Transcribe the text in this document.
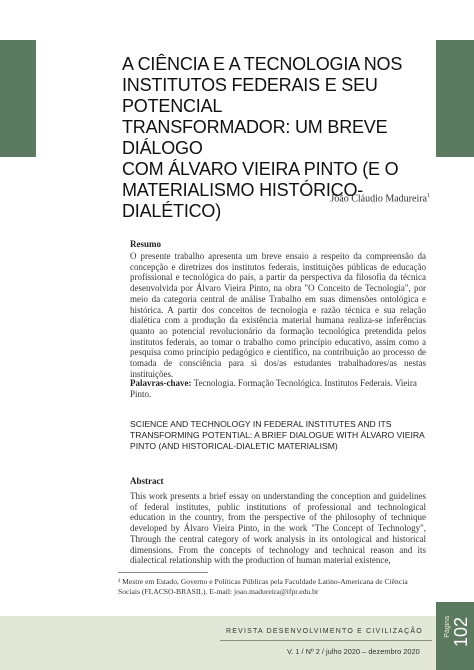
A CIÊNCIA E A TECNOLOGIA NOS
INSTITUTOS FEDERAIS E SEU POTENCIAL
TRANSFORMADOR: UM BREVE DIÁLOGO
COM ÁLVARO VIEIRA PINTO (E O
MATERIALISMO HISTÓRICO-DIALÉTICO)
João Cláudio Madureira$^1$
Resumo

O presente trabalho apresenta um breve ensaio a respeito da compreensão da concepção e diretrizes dos institutos federais, instituições públicas de educação profissional e tecnológica do país, a partir da perspectiva da filosofia da técnica desenvolvida por Álvaro Vieira Pinto, na obra "O Conceito de Tecnologia", por meio da categoria central de análise Trabalho em suas dimensões ontológica e histórica. A partir dos conceitos de tecnologia e razão técnica e sua relação dialética com a produção da existência material humana realiza-se inferências quanto ao potencial revolucionário da formação tecnológica pretendida pelos institutos federais, ao tomar o trabalho como princípio educativo, assim como a pesquisa como princípio pedagógico e científico, na contribuição ao processo de tomada de consciência para si dos/as estudantes trabalhadores/as nestas instituições.

Palavras-chave: Tecnologia. Formação Tecnológica. Institutos Federais. Vieira Pinto.

SCIENCE AND TECHNOLOGY IN FEDERAL INSTITUTES AND ITS TRANSFORMING POTENTIAL: A BRIEF DIALOGUE WITH ÁLVARO VIEIRA PINTO (AND HISTORICAL-DIALETIC MATERIALISM)
Abstract

This work presents a brief essay on understanding the conception and guidelines of federal institutes, public institutions of professional and technological education in the country, from the perspective of the philosophy of technique developed by Álvaro Vieira Pinto, in the work "The Concept of Technology", Through the central category of work analysis in its ontological and historical dimensions. From the concepts of technology and technical reason and its dialectical relationship with the production of human material existence,

¹ Mestre em Estado, Governo e Políticas Públicas pela Faculdade Latino-Americana de Ciência Sociais (FLACSO-BRASIL). E-mail: joao.madureira@ifpr.edu.br

REVISTA DESENVOLVIMENTO E CIVILIZAÇÃO
V. 1 / Nº 2 / julho 2020 – dezembro 2020
Página 102
